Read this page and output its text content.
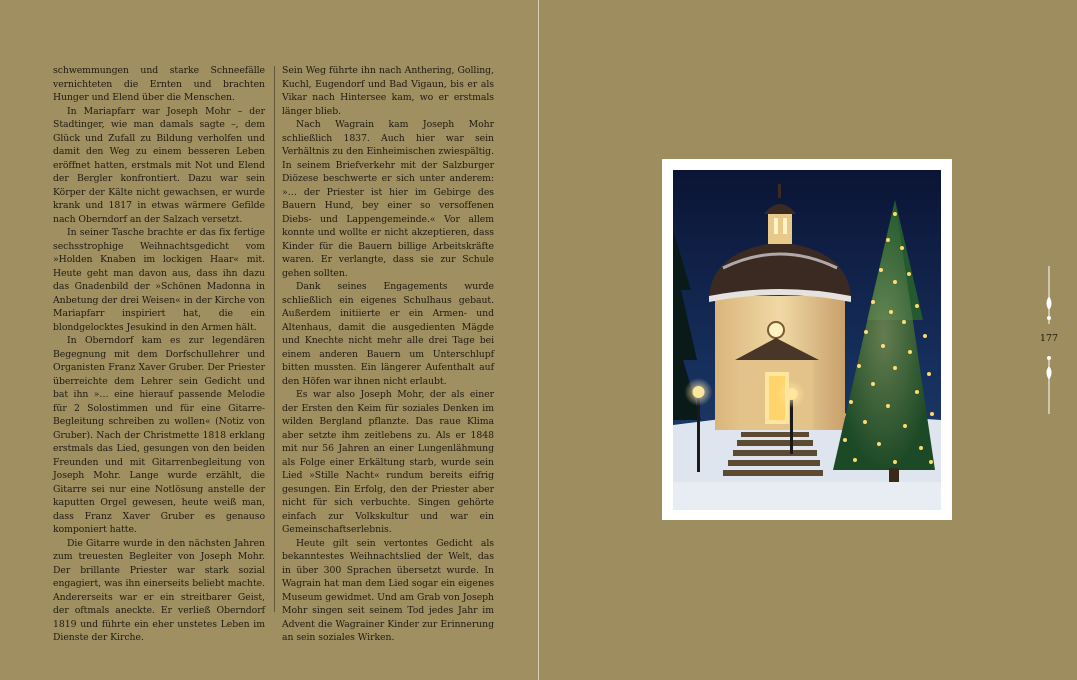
schwemmungen und starke Schneefälle vernichteten die Ernten und brachten Hunger und Elend über die Menschen.

In Mariapfarr war Joseph Mohr – der Stadtinger, wie man damals sagte –, dem Glück und Zufall zu Bildung verholfen und damit den Weg zu einem besseren Leben eröffnet hatten, erstmals mit Not und Elend der Bergler konfrontiert. Dazu war sein Körper der Kälte nicht gewachsen, er wurde krank und 1817 in etwas wärmere Gefilde nach Oberndorf an der Salzach versetzt.

In seiner Tasche brachte er das fix fertige sechsstrophige Weihnachtsgedicht vom »Holden Knaben im lockigen Haar« mit. Heute geht man davon aus, dass ihn dazu das Gnadenbild der »Schönen Madonna in Anbetung der drei Weisen« in der Kirche von Mariapfarr inspiriert hat, die ein blondgelocktes Jesukind in den Armen hält.

In Oberndorf kam es zur legendären Begegnung mit dem Dorfschullehrer und Organisten Franz Xaver Gruber. Der Priester überreichte dem Lehrer sein Gedicht und bat ihn »… eine hierauf passende Melodie für 2 Solostimmen und für eine Gitarre-Begleitung schreiben zu wollen« (Notiz von Gruber). Nach der Christmette 1818 erklang erstmals das Lied, gesungen von den beiden Freunden und mit Gitarrenbegleitung von Joseph Mohr. Lange wurde erzählt, die Gitarre sei nur eine Notlösung anstelle der kaputten Orgel gewesen, heute weiß man, dass Franz Xaver Gruber es genauso komponiert hatte.

Die Gitarre wurde in den nächsten Jahren zum treuesten Begleiter von Joseph Mohr. Der brillante Priester war stark sozial engagiert, was ihn einerseits beliebt machte. Andererseits war er ein streitbarer Geist, der oftmals aneckte. Er verließ Oberndorf 1819 und führte ein eher unstetes Leben im Dienste der Kirche.

Sein Weg führte ihn nach Anthering, Golling, Kuchl, Eugendorf und Bad Vigaun, bis er als Vikar nach Hintersee kam, wo er erstmals länger blieb.

Nach Wagrain kam Joseph Mohr schließlich 1837. Auch hier war sein Verhältnis zu den Einheimischen zwiespältig. In seinem Briefverkehr mit der Salzburger Diözese beschwerte er sich unter anderem: »… der Priester ist hier im Gebirge des Bauern Hund, bey einer so versoffenen Diebs- und Lappengemeinde.« Vor allem konnte und wollte er nicht akzeptieren, dass Kinder für die Bauern billige Arbeitskräfte waren. Er verlangte, dass sie zur Schule gehen sollten.

Dank seines Engagements wurde schließlich ein eigenes Schulhaus gebaut. Außerdem initiierte er ein Armen- und Altenhaus, damit die ausgedienten Mägde und Knechte nicht mehr alle drei Tage bei einem anderen Bauern um Unterschlupf bitten mussten. Ein längerer Aufenthalt auf den Höfen war ihnen nicht erlaubt.

Es war also Joseph Mohr, der als einer der Ersten den Keim für soziales Denken im wilden Bergland pflanzte. Das raue Klima aber setzte ihm zeitlebens zu. Als er 1848 mit nur 56 Jahren an einer Lungenlähmung als Folge einer Erkältung starb, wurde sein Lied »Stille Nacht« rundum bereits eifrig gesungen. Ein Erfolg, den der Priester aber nicht für sich verbuchte. Singen gehörte einfach zur Volkskultur und war ein Gemeinschaftserlebnis.

Heute gilt sein vertontes Gedicht als bekanntestes Weihnachtslied der Welt, das in über 300 Sprachen übersetzt wurde. In Wagrain hat man dem Lied sogar ein eigenes Museum gewidmet. Und am Grab von Joseph Mohr singen seit seinem Tod jedes Jahr im Advent die Wagrainer Kinder zur Erinnerung an sein soziales Wirken.

177
